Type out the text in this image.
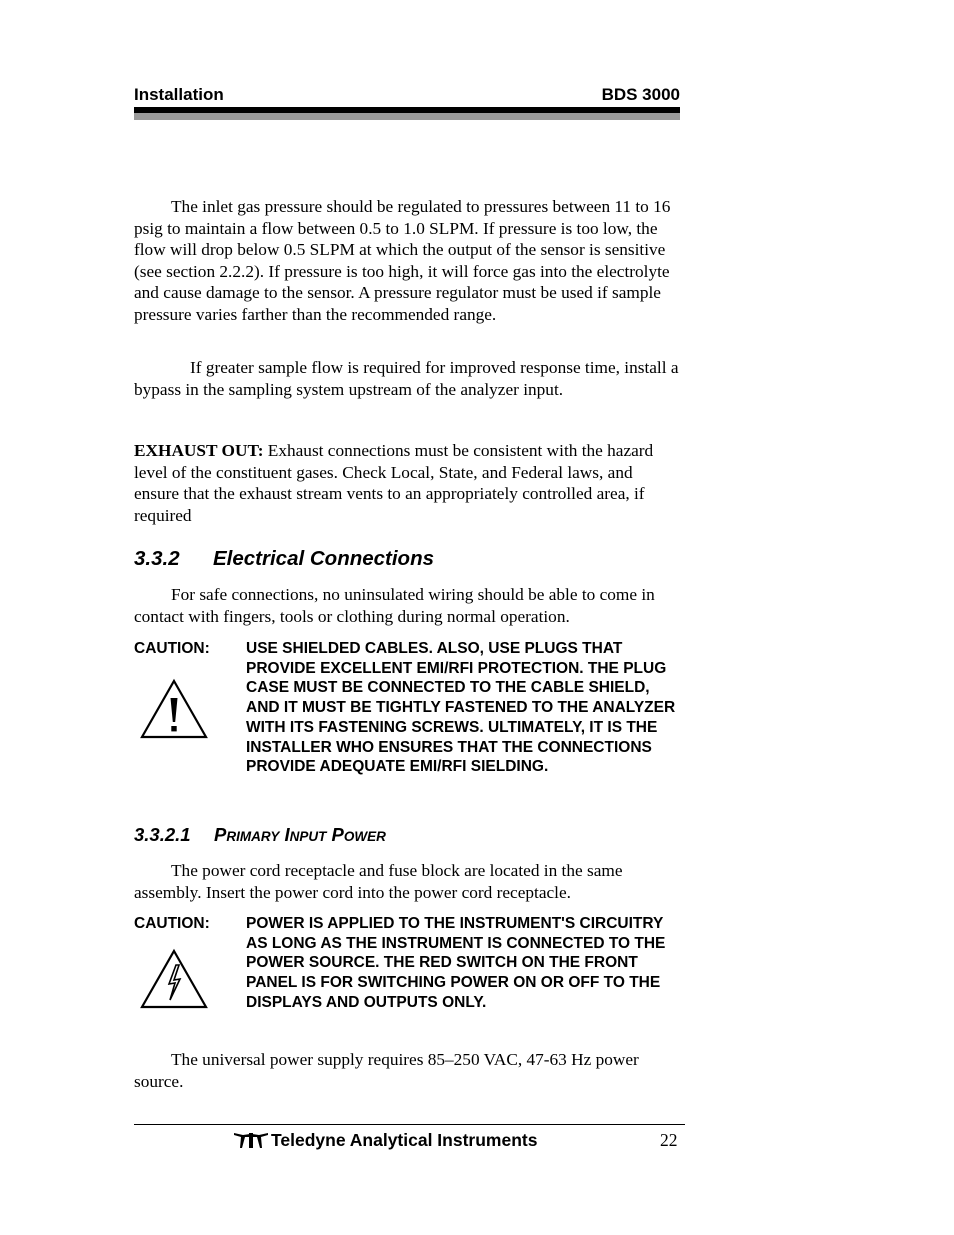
Installation	BDS 3000

The inlet gas pressure should be regulated to pressures between 11 to 16 psig to maintain a flow between 0.5 to 1.0 SLPM. If pressure is too low, the flow will drop below 0.5 SLPM at which the output of the sensor is sensitive (see section 2.2.2). If pressure is too high, it will force gas into the electrolyte and cause damage to the sensor. A pressure regulator must be used if sample pressure varies farther than the recommended range.

If greater sample flow is required for improved response time, install a bypass in the sampling system upstream of the analyzer input.

EXHAUST OUT: Exhaust connections must be consistent with the hazard level of the constituent gases. Check Local, State, and Federal laws, and ensure that the exhaust stream vents to an appropriately controlled area, if required

3.3.2 Electrical Connections

For safe connections, no uninsulated wiring should be able to come in contact with fingers, tools or clothing during normal operation.

CAUTION: USE SHIELDED CABLES. ALSO, USE PLUGS THAT PROVIDE EXCELLENT EMI/RFI PROTECTION. THE PLUG CASE MUST BE CONNECTED TO THE CABLE SHIELD, AND IT MUST BE TIGHTLY FASTENED TO THE ANALYZER WITH ITS FASTENING SCREWS. ULTIMATELY, IT IS THE INSTALLER WHO ENSURES THAT THE CONNECTIONS PROVIDE ADEQUATE EMI/RFI SIELDING.

3.3.2.1 PRIMARY INPUT POWER

The power cord receptacle and fuse block are located in the same assembly. Insert the power cord into the power cord receptacle.

CAUTION: POWER IS APPLIED TO THE INSTRUMENT'S CIRCUITRY AS LONG AS THE INSTRUMENT IS CONNECTED TO THE POWER SOURCE. THE RED SWITCH ON THE FRONT PANEL IS FOR SWITCHING POWER ON OR OFF TO THE DISPLAYS AND OUTPUTS ONLY.

The universal power supply requires 85–250 VAC, 47-63 Hz power source.

Teledyne Analytical Instruments	22
